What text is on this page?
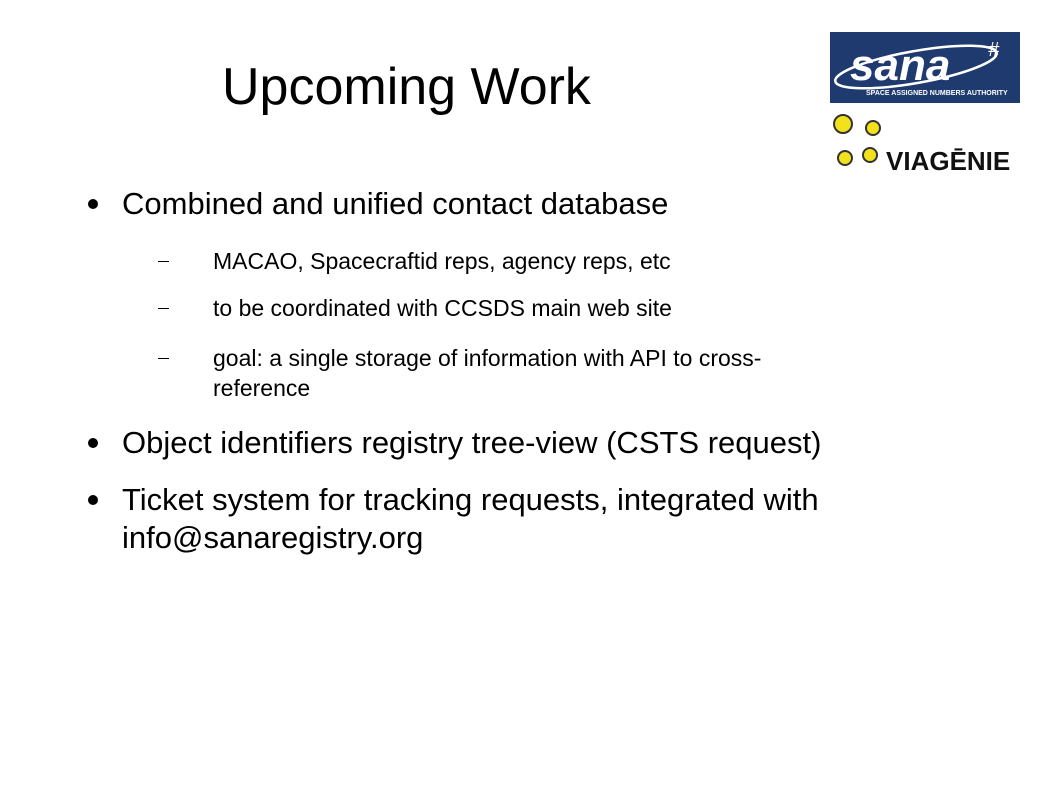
Upcoming Work	sana #
SPACE ASSIGNED NUMBERS AUTHORITY
VIAGĒNIE
Combined and unified contact database
MACAO, Spacecraftid reps, agency reps, etc
to be coordinated with CCSDS main web site
goal: a single storage of information with API to cross-reference
Object identifiers registry tree-view (CSTS request)
Ticket system for tracking requests, integrated with info@sanaregistry.org
